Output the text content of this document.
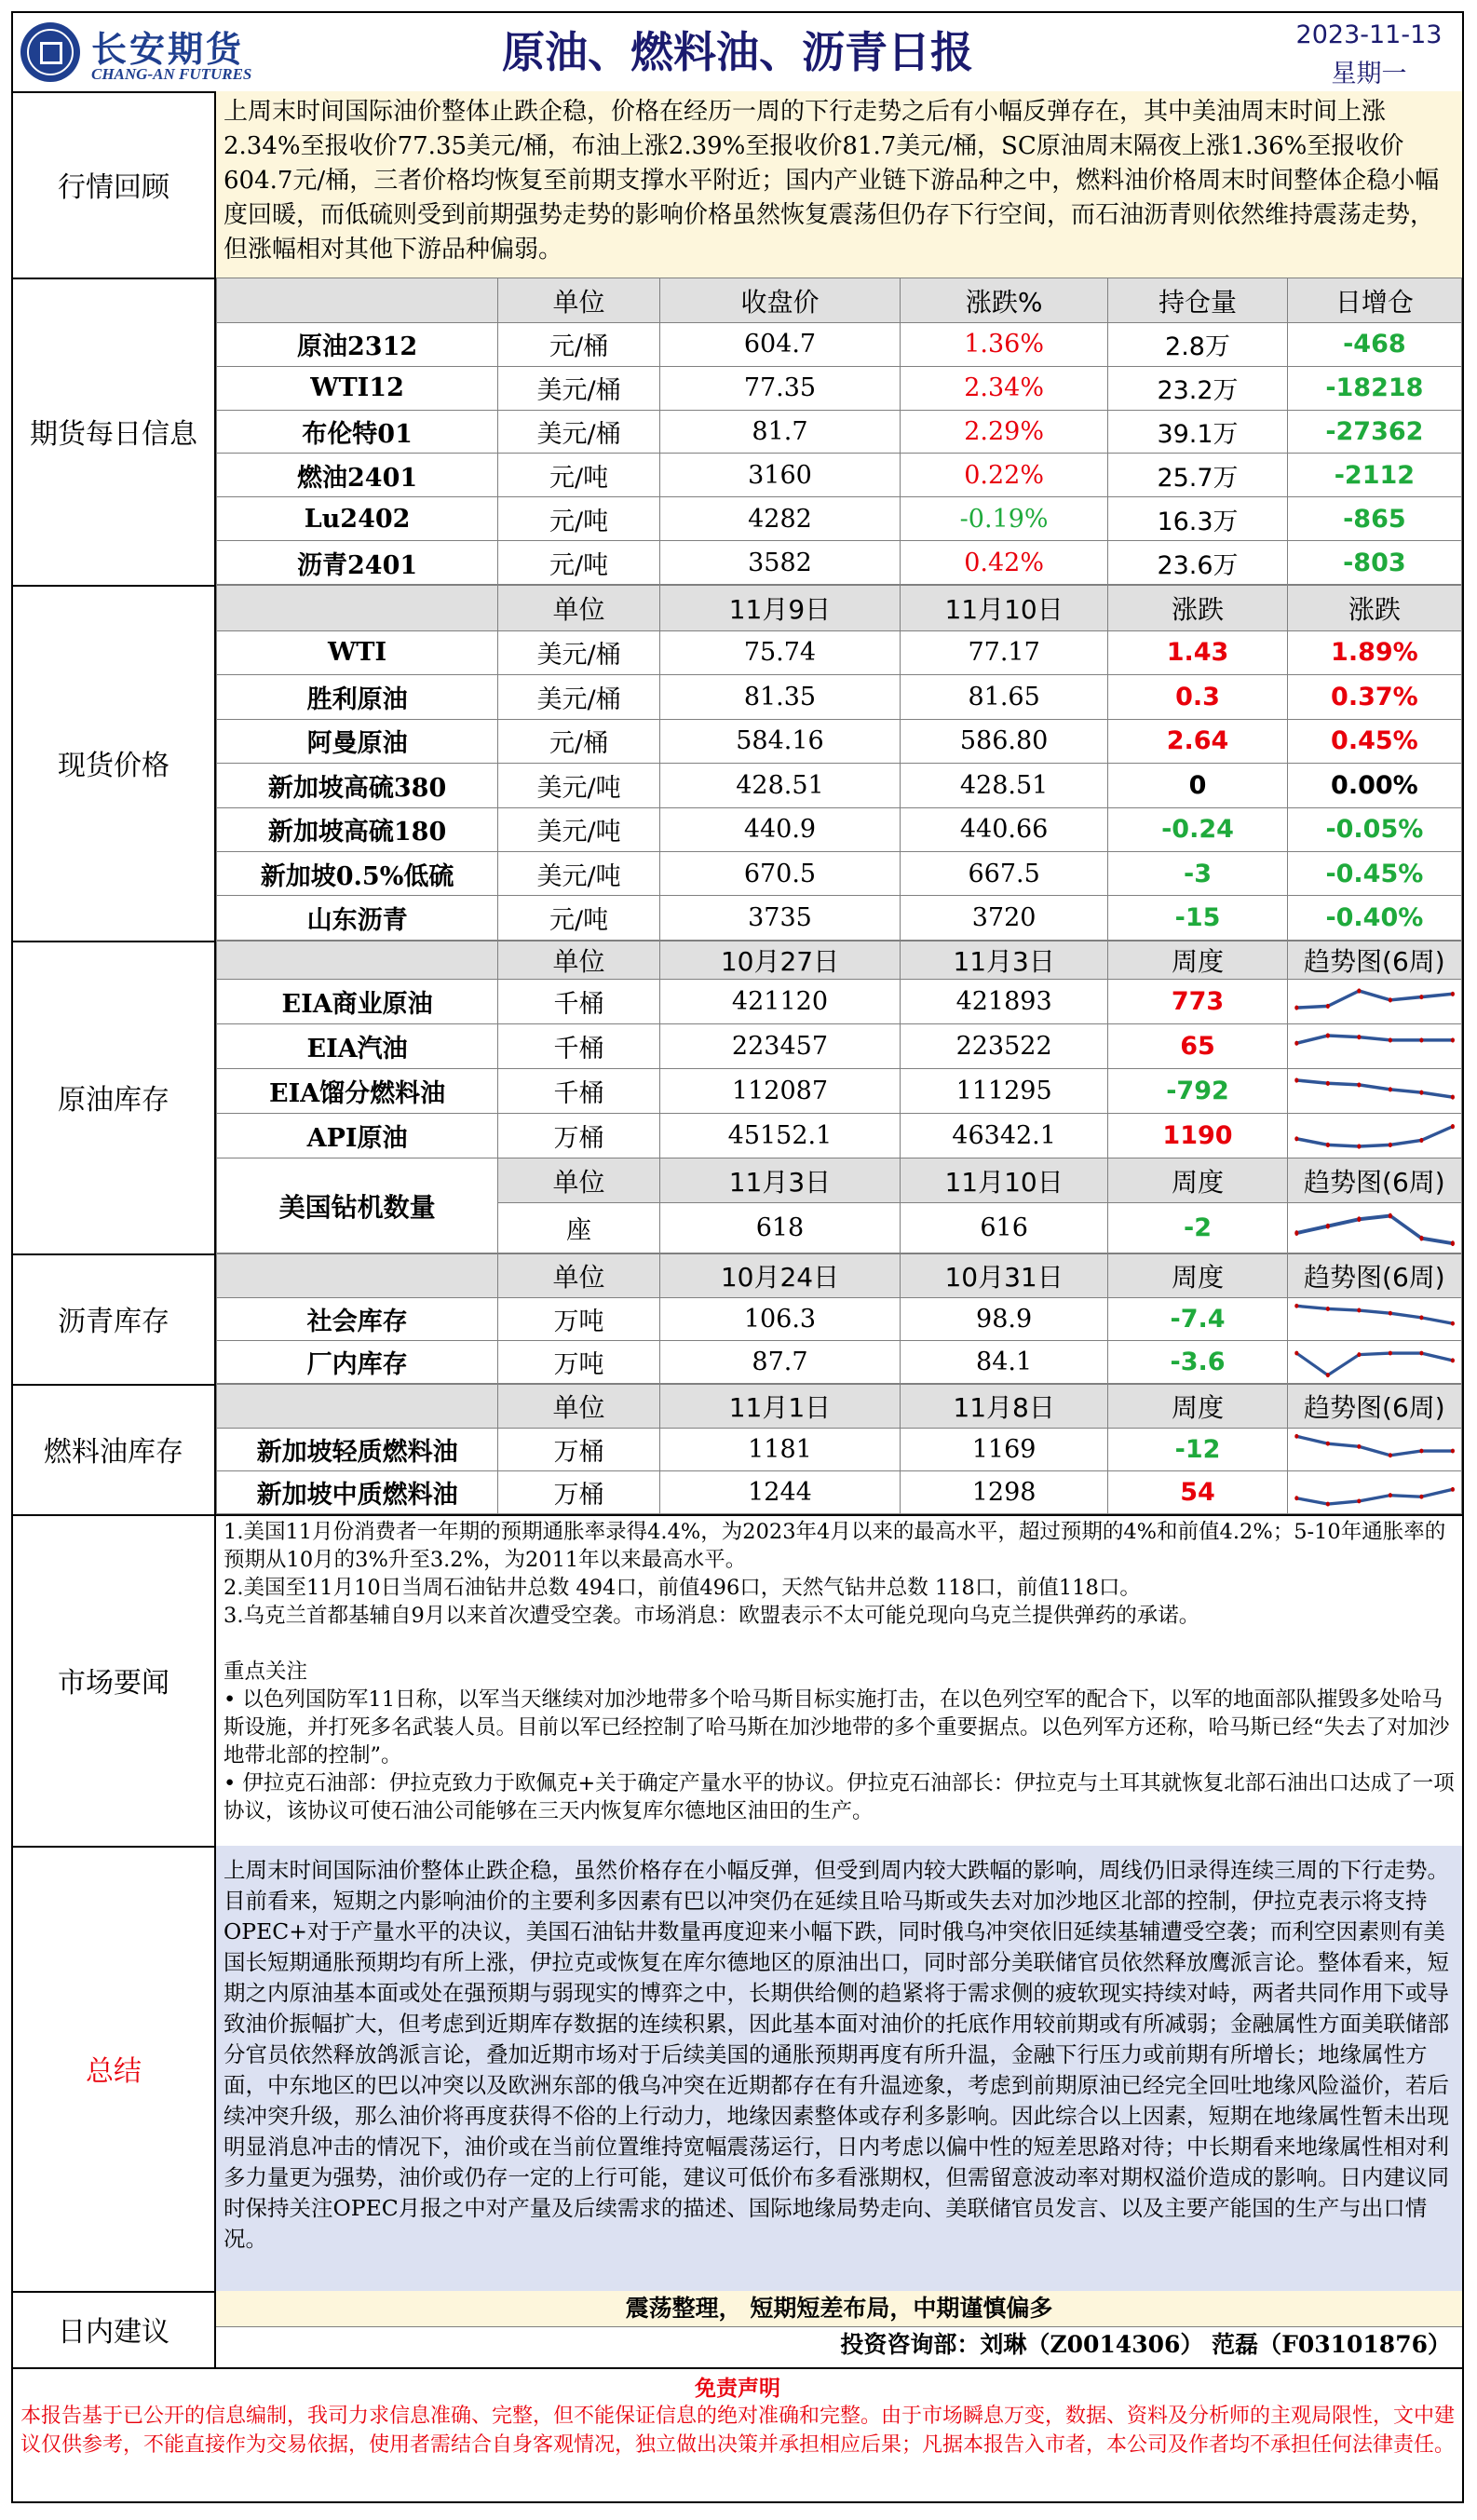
长安期货
CHANG-AN FUTURES	原油、燃料油、沥青日报	2023-11-13
星期一
行情回顾
上周末时间国际油价整体止跌企稳，价格在经历一周的下行走势之后有小幅反弹存在，其中美油周末时间上涨2.34%至报收价77.35美元/桶，布油上涨2.39%至报收价81.7美元/桶，SC原油周末隔夜上涨1.36%至报收价604.7元/桶，三者价格均恢复至前期支撑水平附近；国内产业链下游品种之中，燃料油价格周末时间整体企稳小幅度回暖，而低硫则受到前期强势走势的影响价格虽然恢复震荡但仍存下行空间，而石油沥青则依然维持震荡走势，但涨幅相对其他下游品种偏弱。
期货每日信息
	单位	收盘价	涨跌%	持仓量	日增仓
原油2312	元/桶	604.7	1.36%	2.8万	-468
WTI12	美元/桶	77.35	2.34%	23.2万	-18218
布伦特01	美元/桶	81.7	2.29%	39.1万	-27362
燃油2401	元/吨	3160	0.22%	25.7万	-2112
Lu2402	元/吨	4282	-0.19%	16.3万	-865
沥青2401	元/吨	3582	0.42%	23.6万	-803
现货价格
	单位	11月9日	11月10日	涨跌	涨跌
WTI	美元/桶	75.74	77.17	1.43	1.89%
胜利原油	美元/桶	81.35	81.65	0.3	0.37%
阿曼原油	元/桶	584.16	586.80	2.64	0.45%
新加坡高硫380	美元/吨	428.51	428.51	0	0.00%
新加坡高硫180	美元/吨	440.9	440.66	-0.24	-0.05%
新加坡0.5%低硫	美元/吨	670.5	667.5	-3	-0.45%
山东沥青	元/吨	3735	3720	-15	-0.40%
原油库存
	单位	10月27日	11月3日	周度	趋势图(6周)
EIA商业原油	千桶	421120	421893	773	

EIA汽油	千桶	223457	223522	65	

EIA馏分燃料油	千桶	112087	111295	-792	

API原油	万桶	45152.1	46342.1	1190	

美国钻机数量	单位	11月3日	11月10日	周度	趋势图(6周)
	座	618	616	-2	
沥青库存
	单位	10月24日	10月31日	周度	趋势图(6周)
社会库存	万吨	106.3	98.9	-7.4	

厂内库存	万吨	87.7	84.1	-3.6	
燃料油库存
	单位	11月1日	11月8日	周度	趋势图(6周)
新加坡轻质燃料油	万桶	1181	1169	-12	

新加坡中质燃料油	万桶	1244	1298	54	
市场要闻

1.美国11月份消费者一年期的预期通胀率录得4.4%，为2023年4月以来的最高水平，超过预期的4%和前值4.2%；5-10年通胀率的预期从10月的3%升至3.2%，为2011年以来最高水平。

2.美国至11月10日当周石油钻井总数 494口，前值496口，天然气钻井总数 118口，前值118口。

3.乌克兰首都基辅自9月以来首次遭受空袭。市场消息：欧盟表示不太可能兑现向乌克兰提供弹药的承诺。

重点关注

• 以色列国防军11日称，以军当天继续对加沙地带多个哈马斯目标实施打击，在以色列空军的配合下，以军的地面部队摧毁多处哈马斯设施，并打死多名武装人员。目前以军已经控制了哈马斯在加沙地带的多个重要据点。以色列军方还称，哈马斯已经“失去了对加沙地带北部的控制”。

• 伊拉克石油部：伊拉克致力于欧佩克+关于确定产量水平的协议。伊拉克石油部长：伊拉克与土耳其就恢复北部石油出口达成了一项协议，该协议可使石油公司能够在三天内恢复库尔德地区油田的生产。

总结
上周末时间国际油价整体止跌企稳，虽然价格存在小幅反弹，但受到周内较大跌幅的影响，周线仍旧录得连续三周的下行走势。目前看来，短期之内影响油价的主要利多因素有巴以冲突仍在延续且哈马斯或失去对加沙地区北部的控制，伊拉克表示将支持OPEC+对于产量水平的决议，美国石油钻井数量再度迎来小幅下跌，同时俄乌冲突依旧延续基辅遭受空袭；而利空因素则有美国长短期通胀预期均有所上涨，伊拉克或恢复在库尔德地区的原油出口，同时部分美联储官员依然释放鹰派言论。整体看来，短期之内原油基本面或处在强预期与弱现实的博弈之中，长期供给侧的趋紧将于需求侧的疲软现实持续对峙，两者共同作用下或导致油价振幅扩大，但考虑到近期库存数据的连续积累，因此基本面对油价的托底作用较前期或有所减弱；金融属性方面美联储部分官员依然释放鸽派言论，叠加近期市场对于后续美国的通胀预期再度有所升温，金融下行压力或前期有所增长；地缘属性方面，中东地区的巴以冲突以及欧洲东部的俄乌冲突在近期都存在有升温迹象，考虑到前期原油已经完全回吐地缘风险溢价，若后续冲突升级，那么油价将再度获得不俗的上行动力，地缘因素整体或存利多影响。因此综合以上因素，短期在地缘属性暂未出现明显消息冲击的情况下，油价或在当前位置维持宽幅震荡运行，日内考虑以偏中性的短差思路对待；中长期看来地缘属性相对利多力量更为强势，油价或仍存一定的上行可能，建议可低价布多看涨期权，但需留意波动率对期权溢价造成的影响。日内建议同时保持关注OPEC月报之中对产量及后续需求的描述、国际地缘局势走向、美联储官员发言、以及主要产能国的生产与出口情况。
日内建议
震荡整理， 短期短差布局，中期谨慎偏多
投资咨询部：刘琳（Z0014306） 范磊（F03101876）
免责声明
本报告基于已公开的信息编制，我司力求信息准确、完整，但不能保证信息的绝对准确和完整。由于市场瞬息万变，数据、资料及分析师的主观局限性，文中建议仅供参考，不能直接作为交易依据，使用者需结合自身客观情况，独立做出决策并承担相应后果；凡据本报告入市者，本公司及作者均不承担任何法律责任。
